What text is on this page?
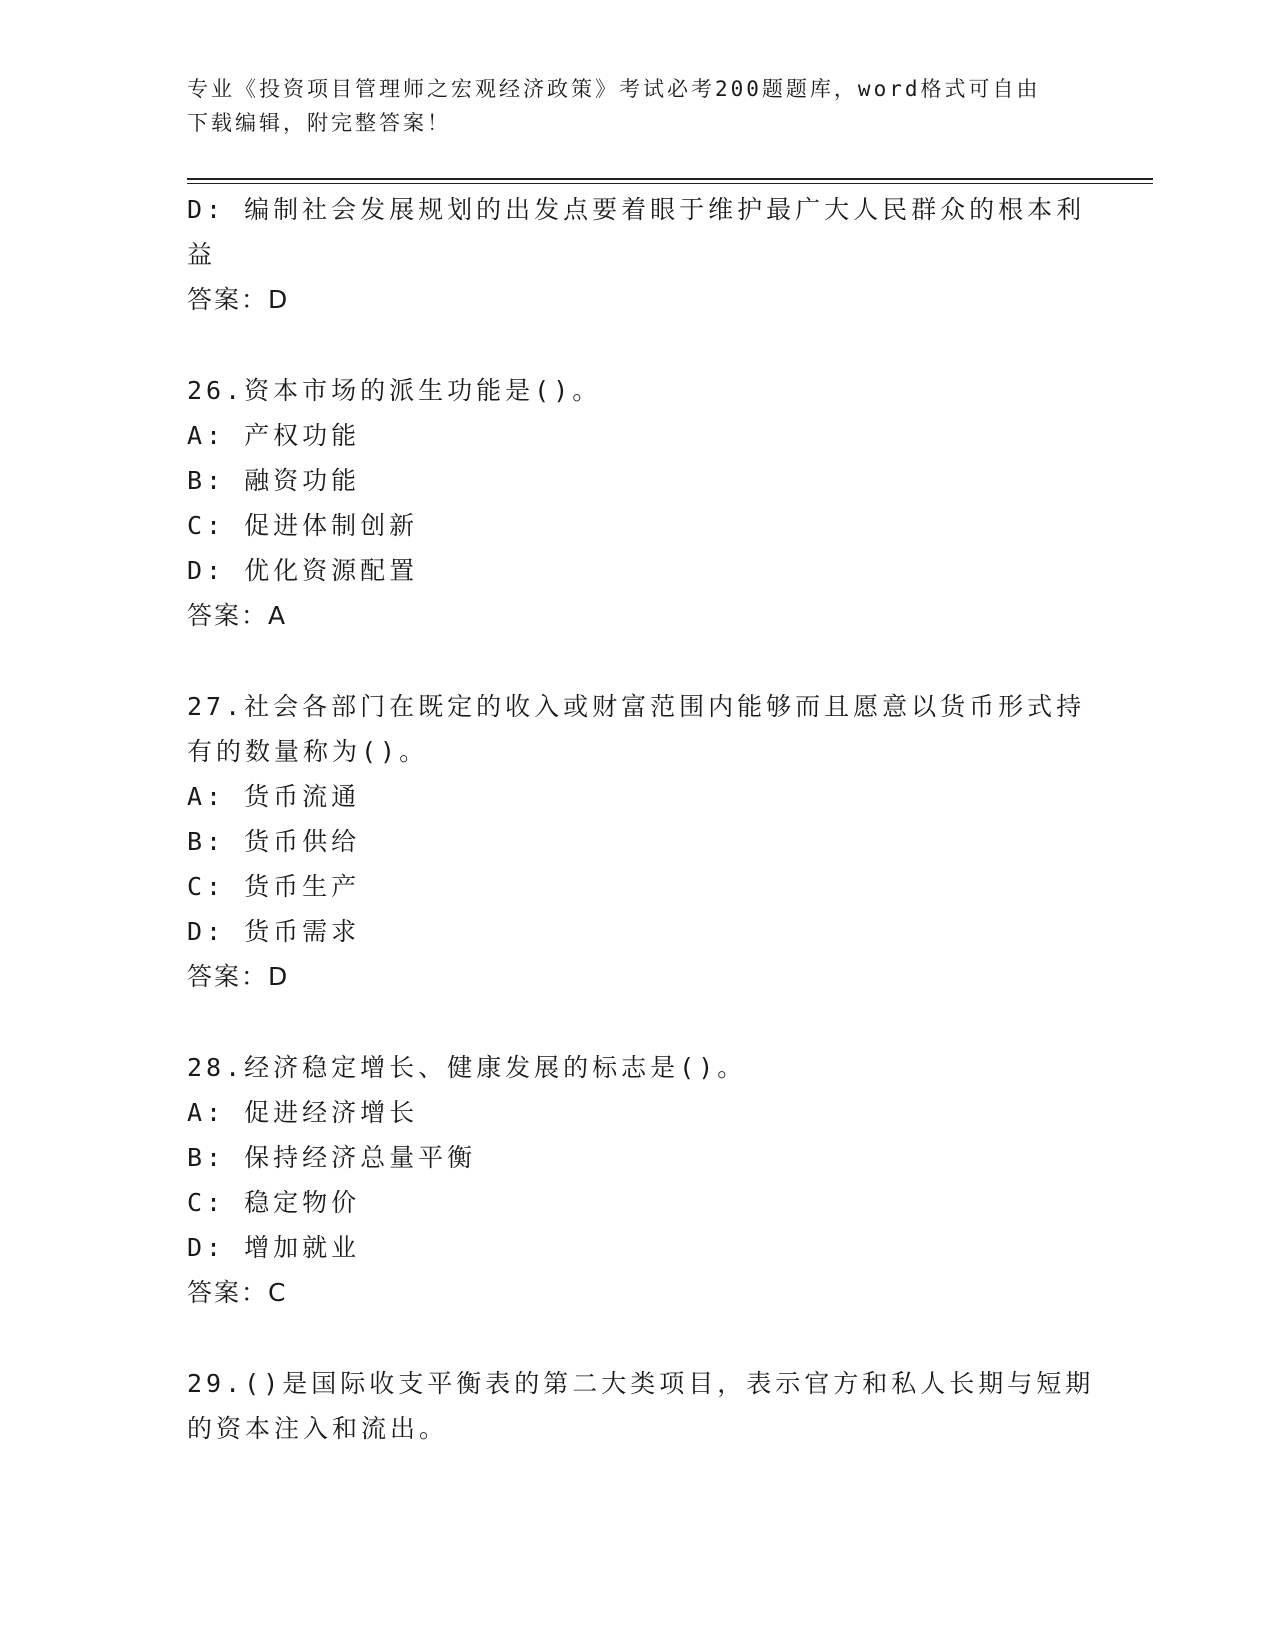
专业《投资项目管理师之宏观经济政策》考试必考200题题库，word格式可自由
下载编辑，附完整答案！
D: 编制社会发展规划的出发点要着眼于维护最广大人民群众的根本利
益
答案：D
26.资本市场的派生功能是()。
A: 产权功能
B: 融资功能
C: 促进体制创新
D: 优化资源配置
答案：A
27.社会各部门在既定的收入或财富范围内能够而且愿意以货币形式持
有的数量称为()。
A: 货币流通
B: 货币供给
C: 货币生产
D: 货币需求
答案：D
28.经济稳定增长、健康发展的标志是()。
A: 促进经济增长
B: 保持经济总量平衡
C: 稳定物价
D: 增加就业
答案：C
29.()是国际收支平衡表的第二大类项目，表示官方和私人长期与短期
的资本注入和流出。
